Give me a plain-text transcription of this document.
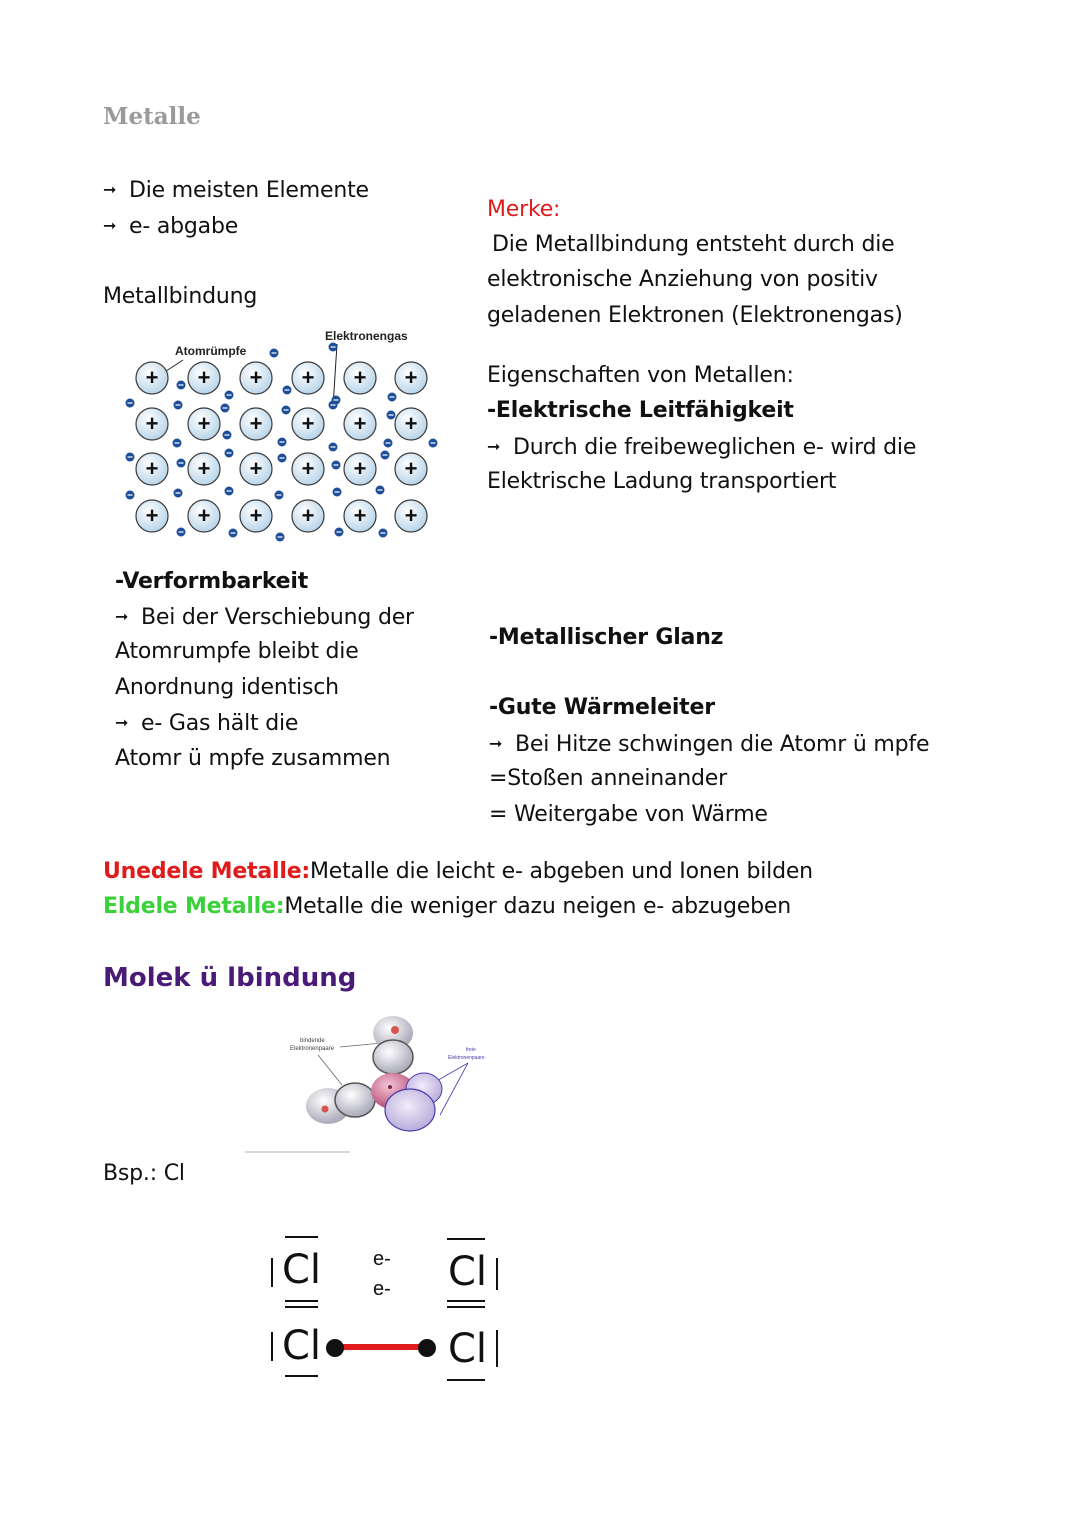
Metalle
➞ Die meisten Elemente
➞ e- abgabe
Metallbindung
Elektronengas
Atomrümpfe
+ + + + + +
+ + + + + +
+ + + + + +
+ + + + + +
-Verformbarkeit
➞ Bei der Verschiebung der
Atomrumpfe bleibt die
Anordnung identisch
➞ e- Gas hält die
Atomr ü mpfe zusammen
Merke:
Die Metallbindung entsteht durch die
elektronische Anziehung von positiv
geladenen Elektronen (Elektronengas)
Eigenschaften von Metallen:
-Elektrische Leitfähigkeit
➞ Durch die freibeweglichen e- wird die
Elektrische Ladung transportiert
-Metallischer Glanz
-Gute Wärmeleiter
➞ Bei Hitze schwingen die Atomr ü mpfe
=Stoßen anneinander
= Weitergabe von Wärme
Unedele Metalle:Metalle die leicht e- abgeben und Ionen bilden
Eldele Metalle:Metalle die weniger dazu neigen e- abzugeben
Molek ü lbindung
bindende
Elektronenpaare	freie
Elektronenpaare
Bsp.: Cl
Cl	e-
e- Cl
Cl	Cl
